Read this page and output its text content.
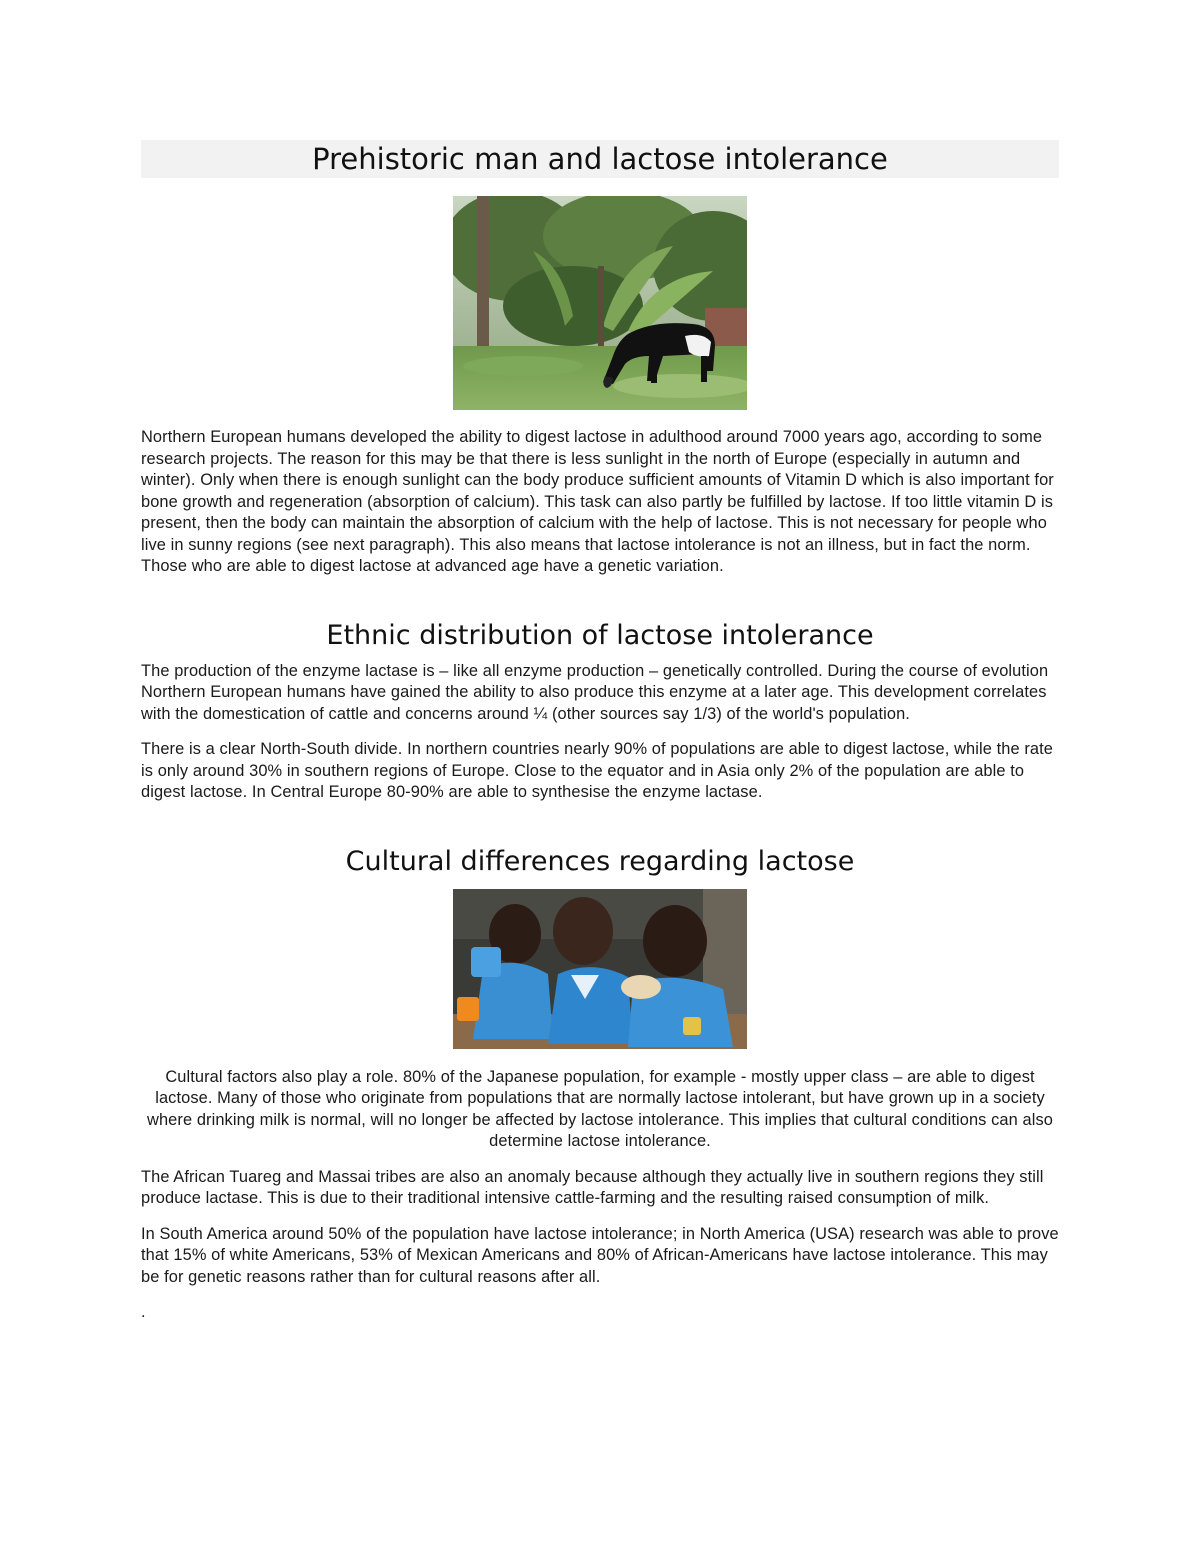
Prehistoric man and lactose intolerance

Northern European humans developed the ability to digest lactose in adulthood around 7000 years ago, according to some research projects. The reason for this may be that there is less sunlight in the north of Europe (especially in autumn and winter). Only when there is enough sunlight can the body produce sufficient amounts of Vitamin D which is also important for bone growth and regeneration (absorption of calcium). This task can also partly be fulfilled by lactose. If too little vitamin D is present, then the body can maintain the absorption of calcium with the help of lactose. This is not necessary for people who live in sunny regions (see next paragraph). This also means that lactose intolerance is not an illness, but in fact the norm. Those who are able to digest lactose at advanced age have a genetic variation.

Ethnic distribution of lactose intolerance

The production of the enzyme lactase is – like all enzyme production – genetically controlled. During the course of evolution Northern European humans have gained the ability to also produce this enzyme at a later age. This development correlates with the domestication of cattle and concerns around ¼ (other sources say 1/3) of the world's population.

There is a clear North-South divide. In northern countries nearly 90% of populations are able to digest lactose, while the rate is only around 30% in southern regions of Europe. Close to the equator and in Asia only 2% of the population are able to digest lactose. In Central Europe 80-90% are able to synthesise the enzyme lactase.

Cultural differences regarding lactose

Cultural factors also play a role. 80% of the Japanese population, for example - mostly upper class – are able to digest lactose. Many of those who originate from populations that are normally lactose intolerant, but have grown up in a society where drinking milk is normal, will no longer be affected by lactose intolerance. This implies that cultural conditions can also determine lactose intolerance.

The African Tuareg and Massai tribes are also an anomaly because although they actually live in southern regions they still produce lactase. This is due to their traditional intensive cattle-farming and the resulting raised consumption of milk.

In South America around 50% of the population have lactose intolerance; in North America (USA) research was able to prove that 15% of white Americans, 53% of Mexican Americans and 80% of African-Americans have lactose intolerance. This may be for genetic reasons rather than for cultural reasons after all.

.
